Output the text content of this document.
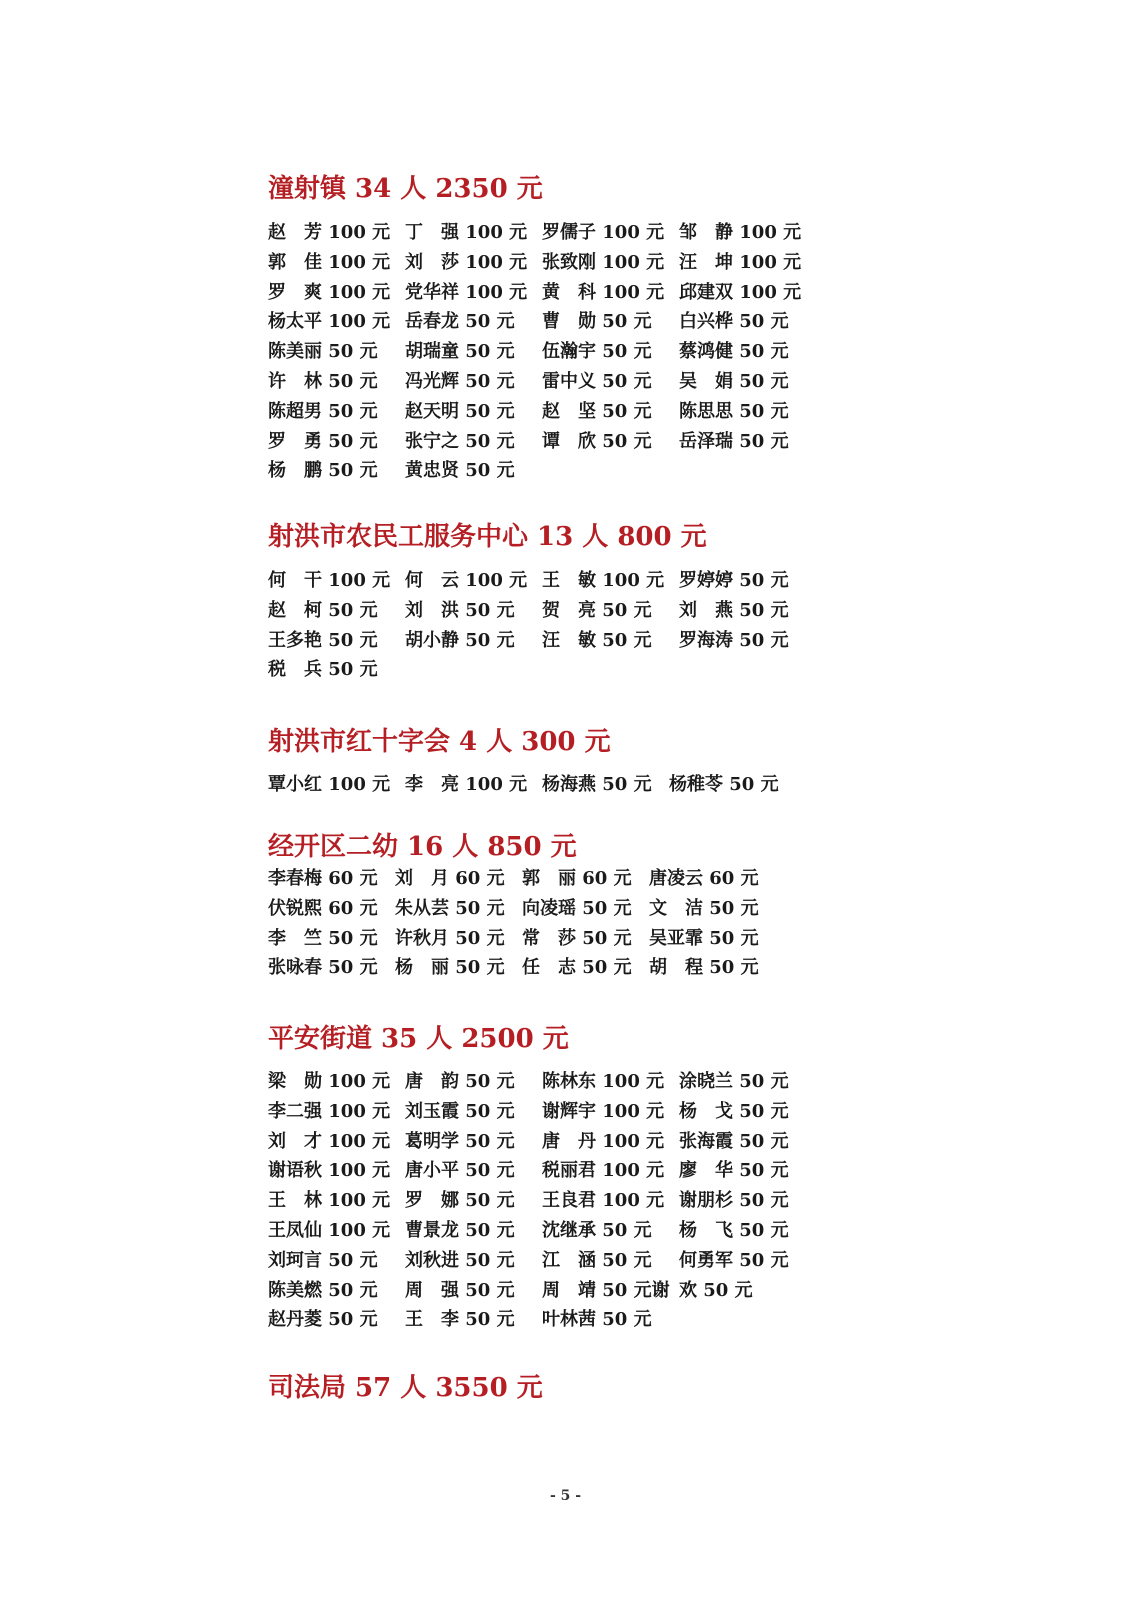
潼射镇 34 人 2350 元
赵　芳 100 元 丁　强 100 元 罗儒子 100 元 邹　静 100 元
郭　佳 100 元 刘　莎 100 元 张致刚 100 元 汪　坤 100 元
罗　爽 100 元 党华祥 100 元 黄　科 100 元 邱建双 100 元
杨太平 100 元 岳春龙 50 元 曹　勋 50 元 白兴桦 50 元
陈美丽 50 元 胡瑞童 50 元 伍瀚宇 50 元 蔡鸿健 50 元
许　林 50 元 冯光辉 50 元 雷中义 50 元 吴　娟 50 元
陈超男 50 元 赵天明 50 元 赵　坚 50 元 陈思思 50 元
罗　勇 50 元 张宁之 50 元 谭　欣 50 元 岳泽瑞 50 元
杨　鹏 50 元 黄忠贤 50 元
射洪市农民工服务中心 13 人 800 元
何　干 100 元 何　云 100 元 王　敏 100 元 罗婷婷 50 元
赵　柯 50 元 刘　洪 50 元 贺　亮 50 元 刘　燕 50 元
王多艳 50 元 胡小静 50 元 汪　敏 50 元 罗海涛 50 元
税　兵 50 元
射洪市红十字会 4 人 300 元
覃小红 100 元 李　亮 100 元 杨海燕 50 元 杨稚苓 50 元
经开区二幼 16 人 850 元
李春梅 60 元 刘　月 60 元 郭　丽 60 元 唐凌云 60 元
伏锐熙 60 元 朱从芸 50 元 向凌瑶 50 元 文　洁 50 元
李　竺 50 元 许秋月 50 元 常　莎 50 元 吴亚霏 50 元
张咏春 50 元 杨　丽 50 元 任　志 50 元 胡　程 50 元
平安街道 35 人 2500 元
梁　勋 100 元 唐　韵 50 元 陈林东 100 元 涂晓兰 50 元
李二强 100 元 刘玉霞 50 元 谢辉宇 100 元 杨　戈 50 元
刘　才 100 元 葛明学 50 元 唐　丹 100 元 张海霞 50 元
谢语秋 100 元 唐小平 50 元 税丽君 100 元 廖　华 50 元
王　林 100 元 罗　娜 50 元 王良君 100 元 谢朋杉 50 元
王凤仙 100 元 曹景龙 50 元 沈继承 50 元 杨　飞 50 元
刘珂言 50 元 刘秋进 50 元 江　涵 50 元 何勇军 50 元
陈美燃 50 元 周　强 50 元 周　靖 50 元谢 欢 50 元
赵丹菱 50 元 王　李 50 元 叶林茜 50 元
司法局 57 人 3550 元
- 5 -
